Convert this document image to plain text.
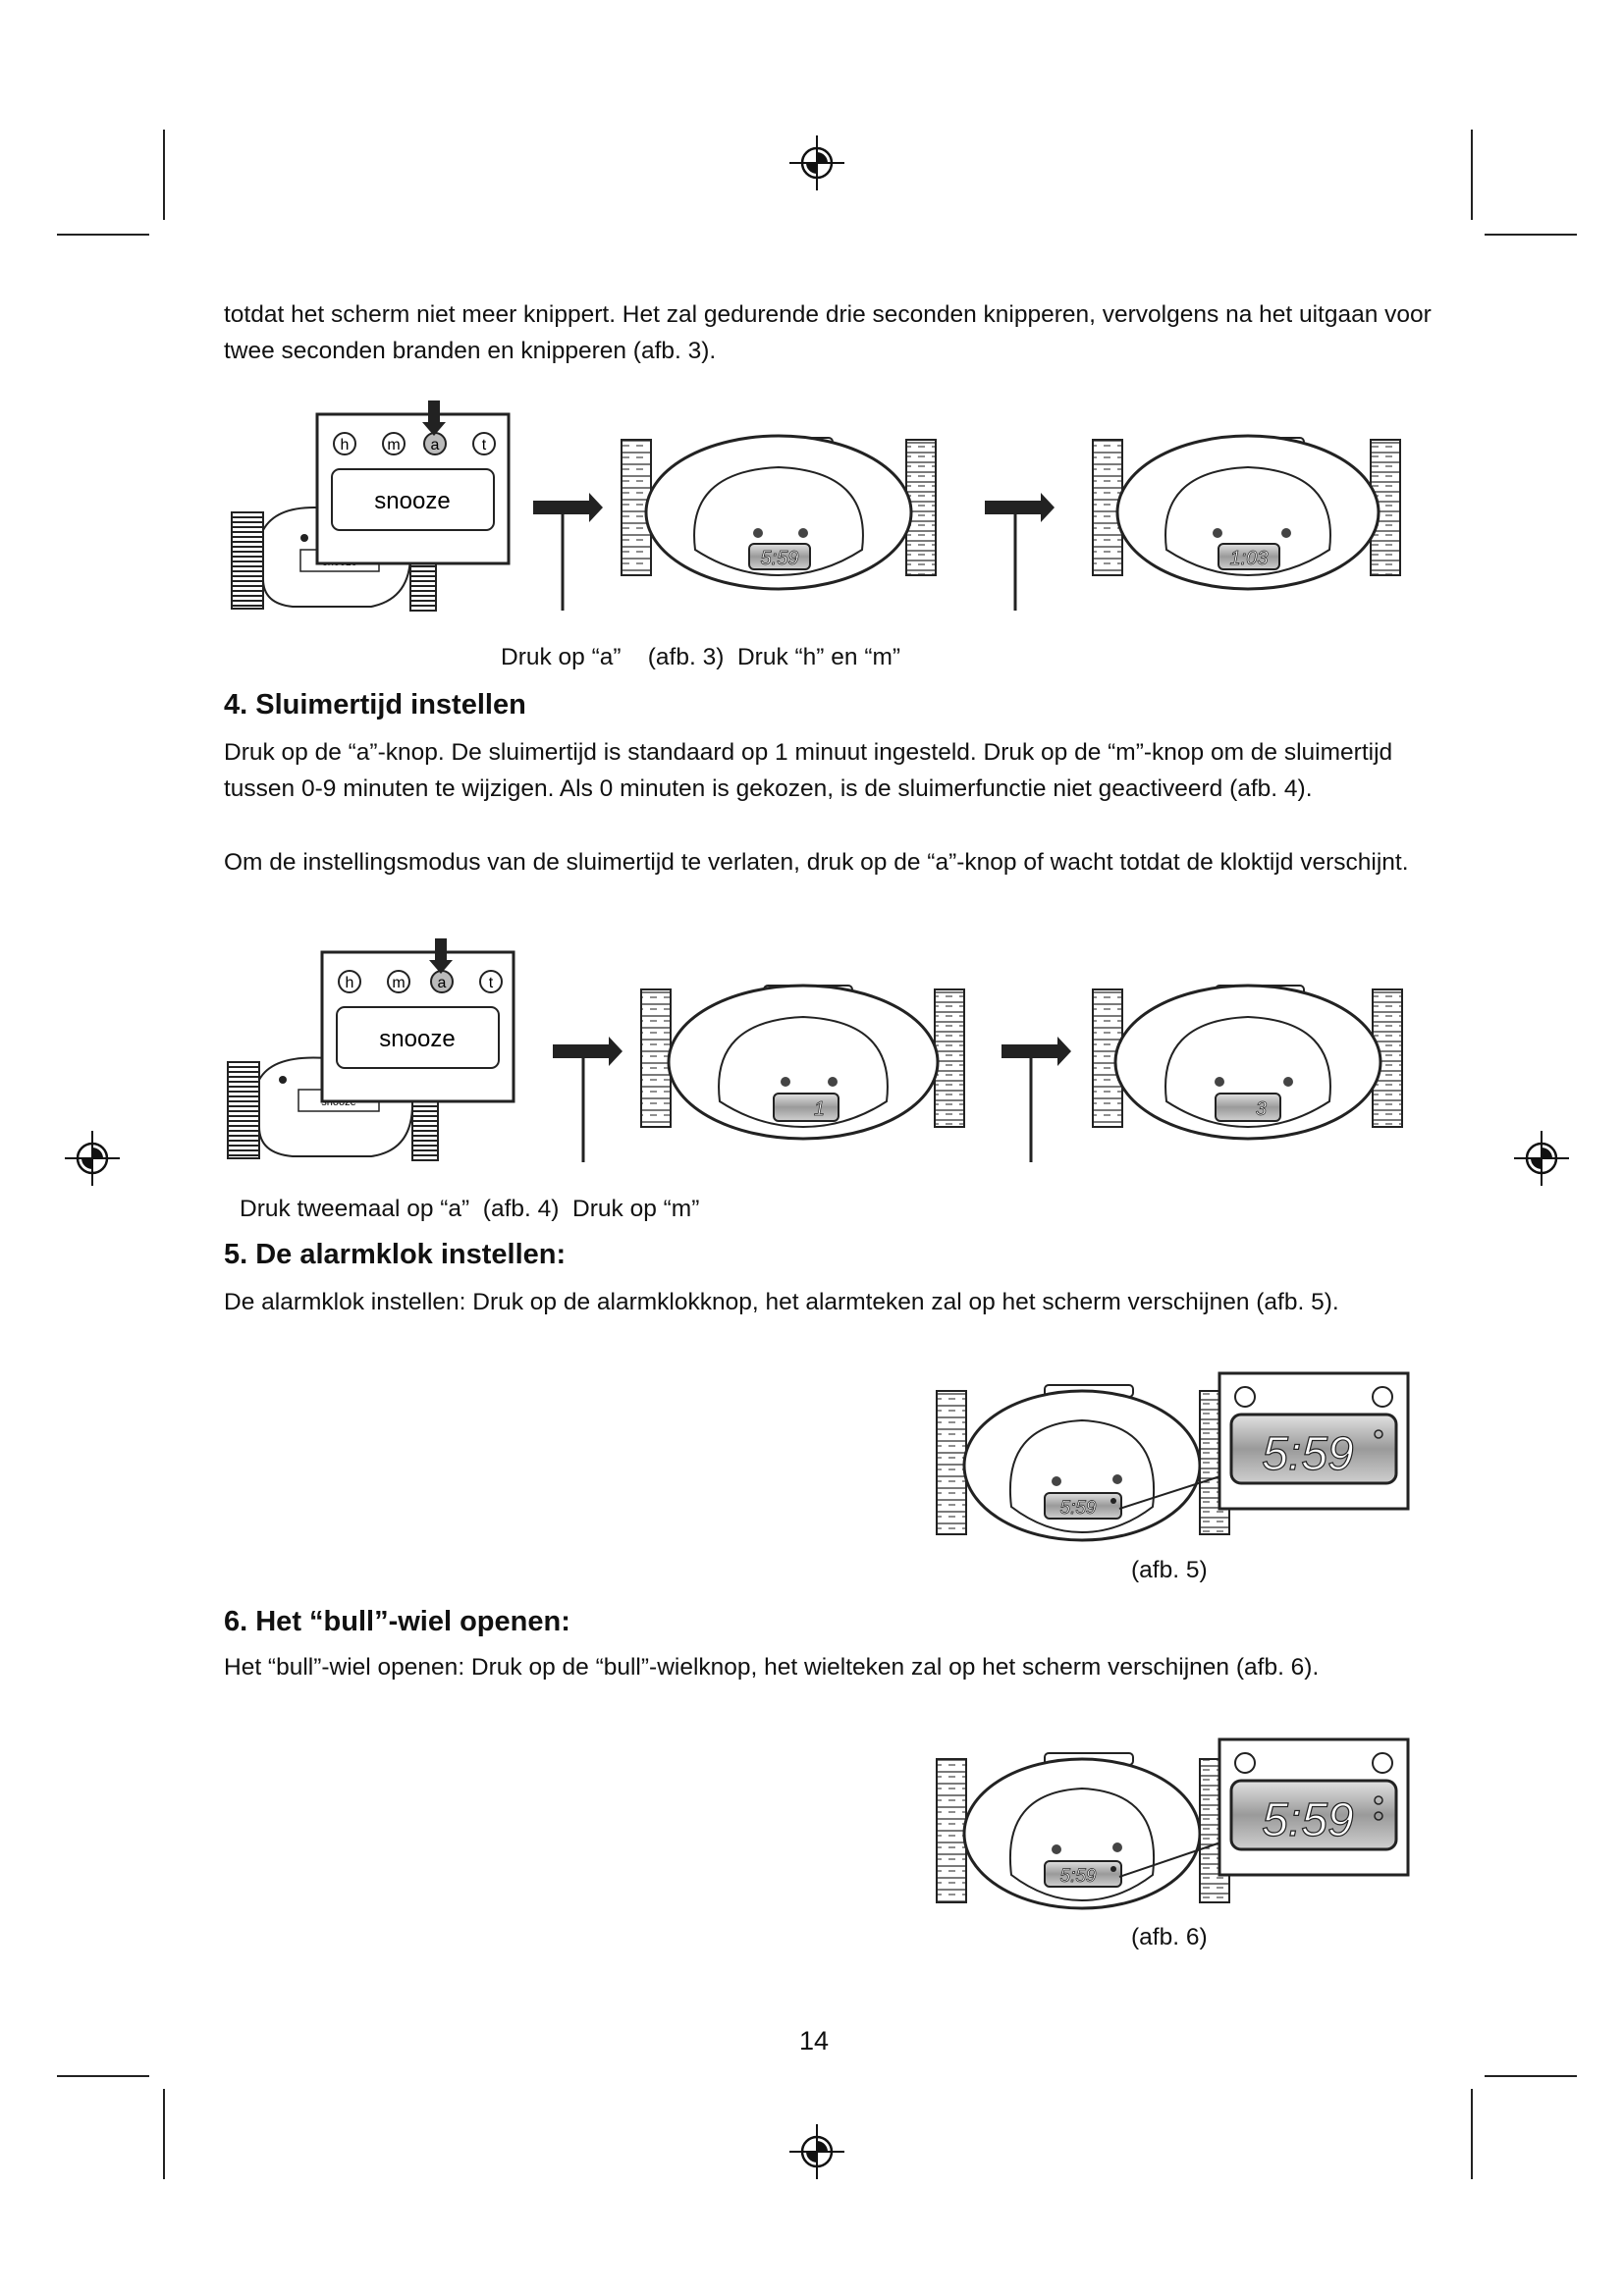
totdat het scherm niet meer knippert. Het zal gedurende drie seconden knipperen, vervolgens na het uitgaan voor twee seconden branden en knipperen (afb. 3).

h m a	t
snooze
5:59	1:03
Druk op “a”    (afb. 3)  Druk “h” en “m”
4. Sluimertijd instellen

Druk op de “a”-knop. De sluimertijd is standaard op 1 minuut ingesteld. Druk op de “m”-knop om de sluimertijd tussen 0-9 minuten te wijzigen. Als 0 minuten is gekozen, is de sluimerfunctie niet geactiveerd (afb. 4).

Om de instellingsmodus van de sluimertijd te verlaten, druk op de “a”-knop of wacht totdat de kloktijd verschijnt.

h m a	t
snooze
1	3
Druk tweemaal op “a”  (afb. 4)  Druk op “m”
5. De alarmklok instellen:

De alarmklok instellen: Druk op de alarmklokknop, het alarmteken zal op het scherm verschijnen (afb. 5).

5:59
5:59
(afb. 5)
6. Het “bull”-wiel openen:

Het “bull”-wiel openen: Druk op de “bull”-wielknop, het wielteken zal op het scherm verschijnen (afb. 6).

5:59
5:59
(afb. 6)
14
